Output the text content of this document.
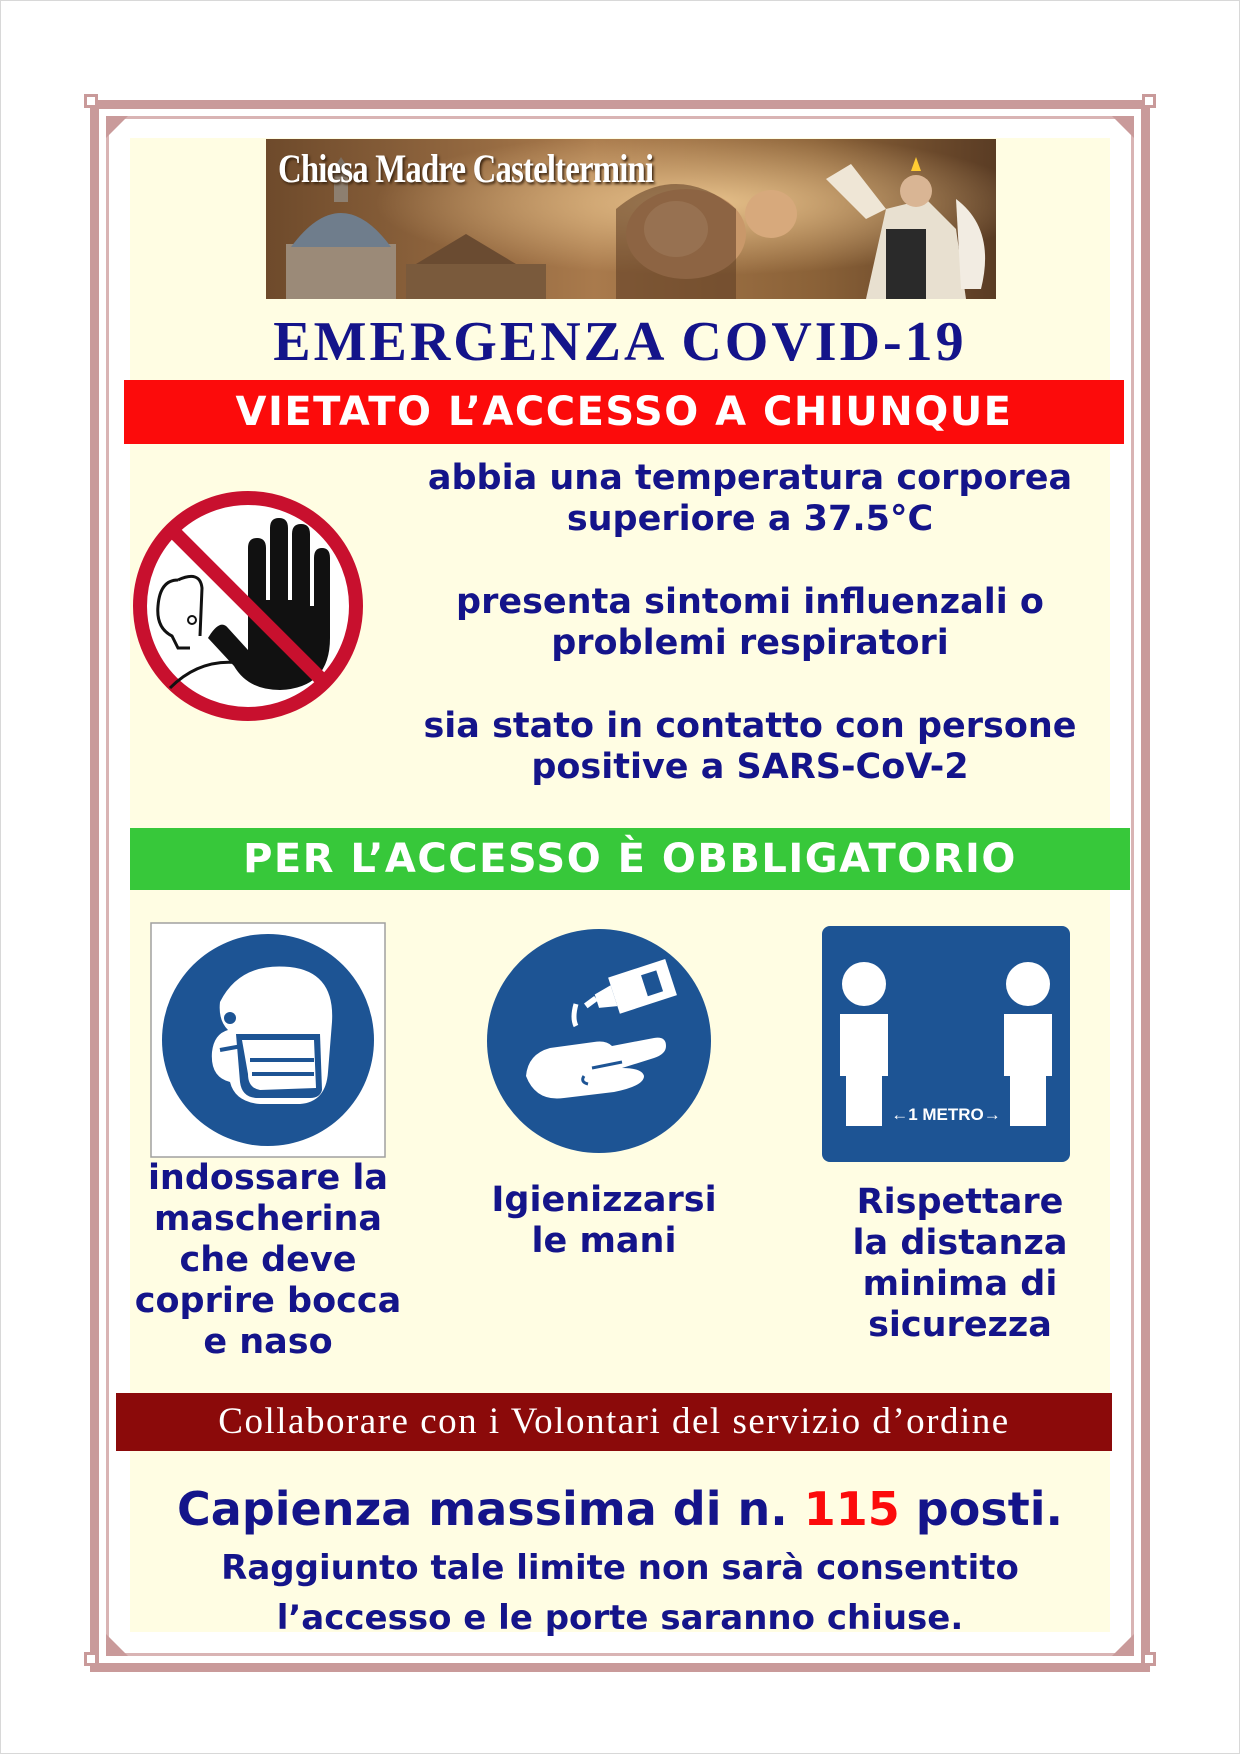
Chiesa Madre Casteltermini
EMERGENZA COVID-19
VIETATO L’ACCESSO A CHIUNQUE
abbia una temperatura corporea
superiore a 37.5°C
presenta sintomi influenzali o
problemi respiratori
sia stato in contatto con persone
positive a SARS-CoV-2
PER L’ACCESSO È OBBLIGATORIO
←1 METRO→
indossare la
mascherina
che deve
coprire bocca
e naso
Igienizzarsi
le mani
Rispettare
la distanza
minima di
sicurezza
Collaborare con i Volontari del servizio d’ordine
Capienza massima di n. 115 posti.
Raggiunto tale limite non sarà consentito
l’accesso e le porte saranno chiuse.
